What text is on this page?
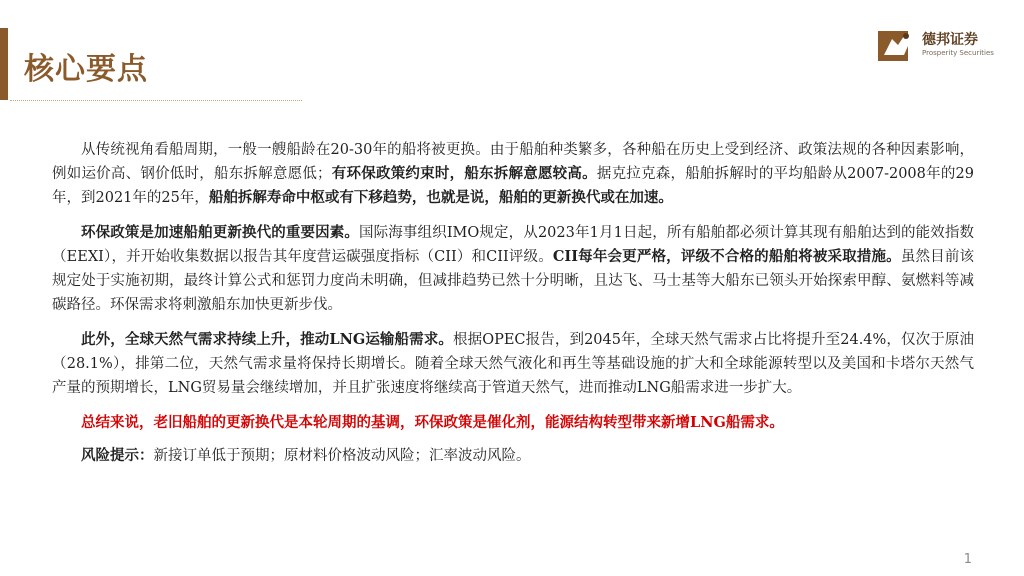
核心要点
德邦证券
Prosperity Securities

从传统视角看船周期，一般一艘船龄在20-30年的船将被更换。由于船舶种类繁多，各种船在历史上受到经济、政策法规的各种因素影响，例如运价高、钢价低时，船东拆解意愿低；有环保政策约束时，船东拆解意愿较高。据克拉克森，船舶拆解时的平均船龄从2007-2008年的29年，到2021年的25年，船舶拆解寿命中枢或有下移趋势，也就是说，船舶的更新换代或在加速。

环保政策是加速船舶更新换代的重要因素。国际海事组织IMO规定，从2023年1月1日起，所有船舶都必须计算其现有船舶达到的能效指数（EEXI），并开始收集数据以报告其年度营运碳强度指标（CII）和CII评级。CII每年会更严格，评级不合格的船舶将被采取措施。虽然目前该规定处于实施初期，最终计算公式和惩罚力度尚未明确，但减排趋势已然十分明晰，且达飞、马士基等大船东已领头开始探索甲醇、氨燃料等减碳路径。环保需求将刺激船东加快更新步伐。

此外，全球天然气需求持续上升，推动LNG运输船需求。根据OPEC报告，到2045年，全球天然气需求占比将提升至24.4%，仅次于原油（28.1%），排第二位，天然气需求量将保持长期增长。随着全球天然气液化和再生等基础设施的扩大和全球能源转型以及美国和卡塔尔天然气产量的预期增长，LNG贸易量会继续增加，并且扩张速度将继续高于管道天然气，进而推动LNG船需求进一步扩大。

总结来说，老旧船舶的更新换代是本轮周期的基调，环保政策是催化剂，能源结构转型带来新增LNG船需求。

风险提示：新接订单低于预期；原材料价格波动风险；汇率波动风险。

1
